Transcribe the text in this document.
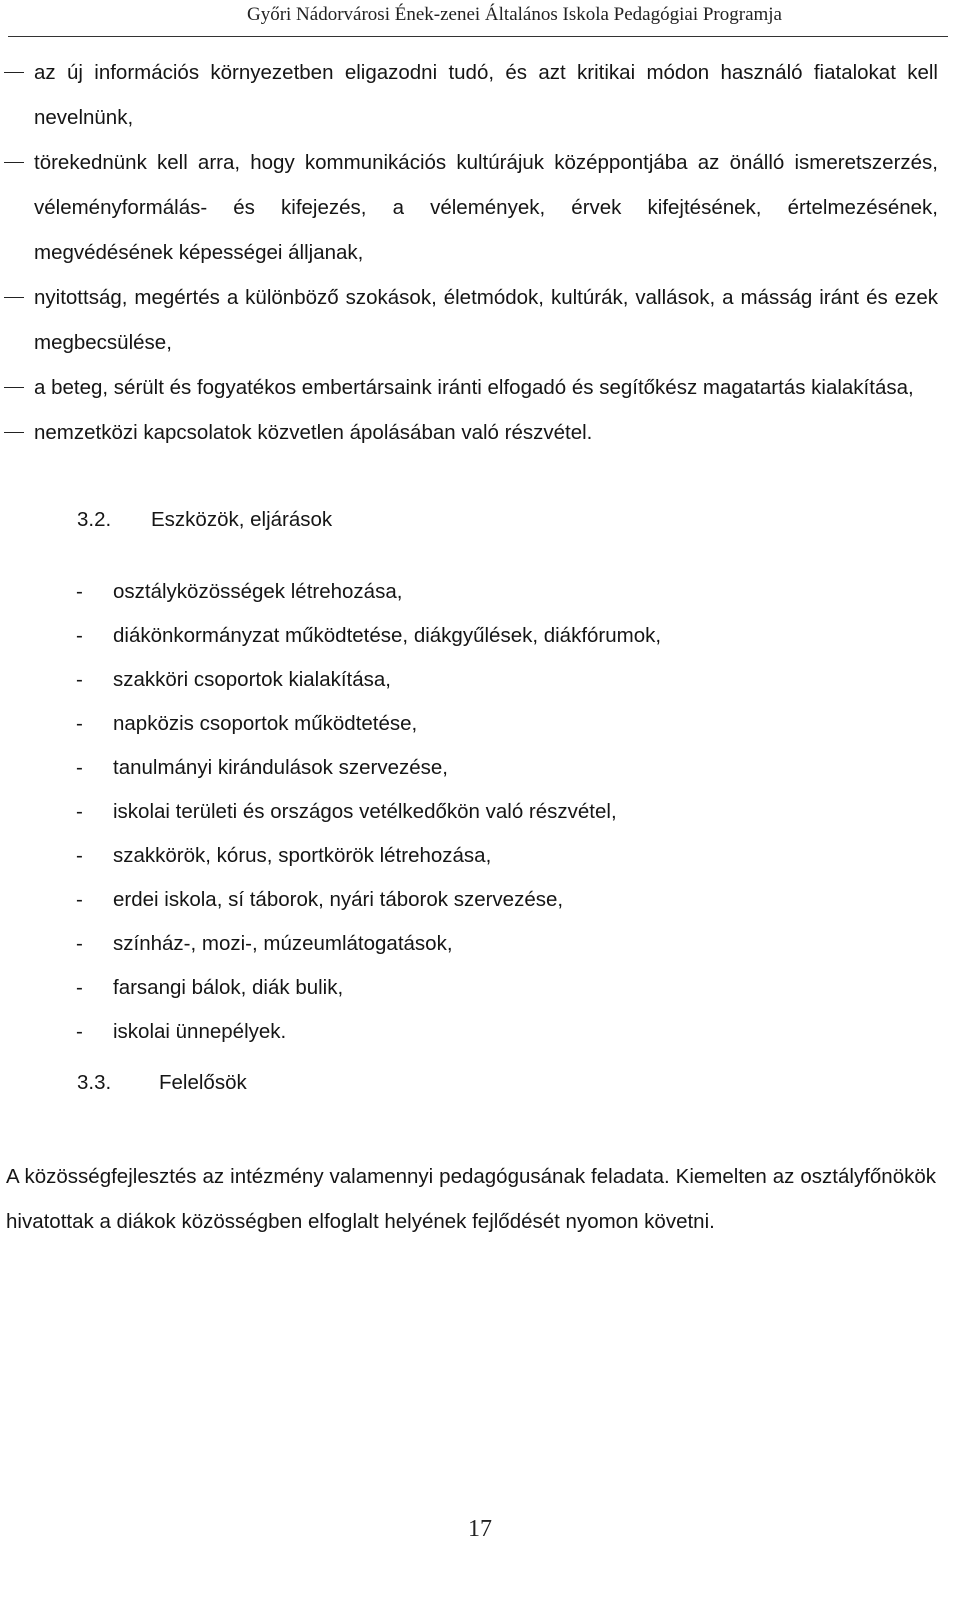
Győri Nádorvárosi Ének-zenei Általános Iskola Pedagógiai Programja
az új információs környezetben eligazodni tudó, és azt kritikai módon használó fiatalokat kell nevelnünk,
törekednünk kell arra, hogy kommunikációs kultúrájuk középpontjába az önálló ismeretszerzés, véleményformálás- és kifejezés, a vélemények, érvek kifejtésének, értelmezésének, megvédésének képességei álljanak,
nyitottság, megértés a különböző szokások, életmódok, kultúrák, vallások, a másság iránt és ezek megbecsülése,
a beteg, sérült és fogyatékos embertársaink iránti elfogadó és segítőkész magatartás kialakítása,
nemzetközi kapcsolatok közvetlen ápolásában való részvétel.
3.2. Eszközök, eljárások
- osztályközösségek létrehozása,
- diákönkormányzat működtetése, diákgyűlések, diákfórumok,
- szakköri csoportok kialakítása,
- napközis csoportok működtetése,
- tanulmányi kirándulások szervezése,
- iskolai területi és országos vetélkedőkön való részvétel,
- szakkörök, kórus, sportkörök létrehozása,
- erdei iskola, sí táborok, nyári táborok szervezése,
- színház-, mozi-, múzeumlátogatások,
- farsangi bálok, diák bulik,
- iskolai ünnepélyek.
3.3. Felelősök

A közösségfejlesztés az intézmény valamennyi pedagógusának feladata. Kiemelten az osztályfőnökök hivatottak a diákok közösségben elfoglalt helyének fejlődését nyomon követni.

17
